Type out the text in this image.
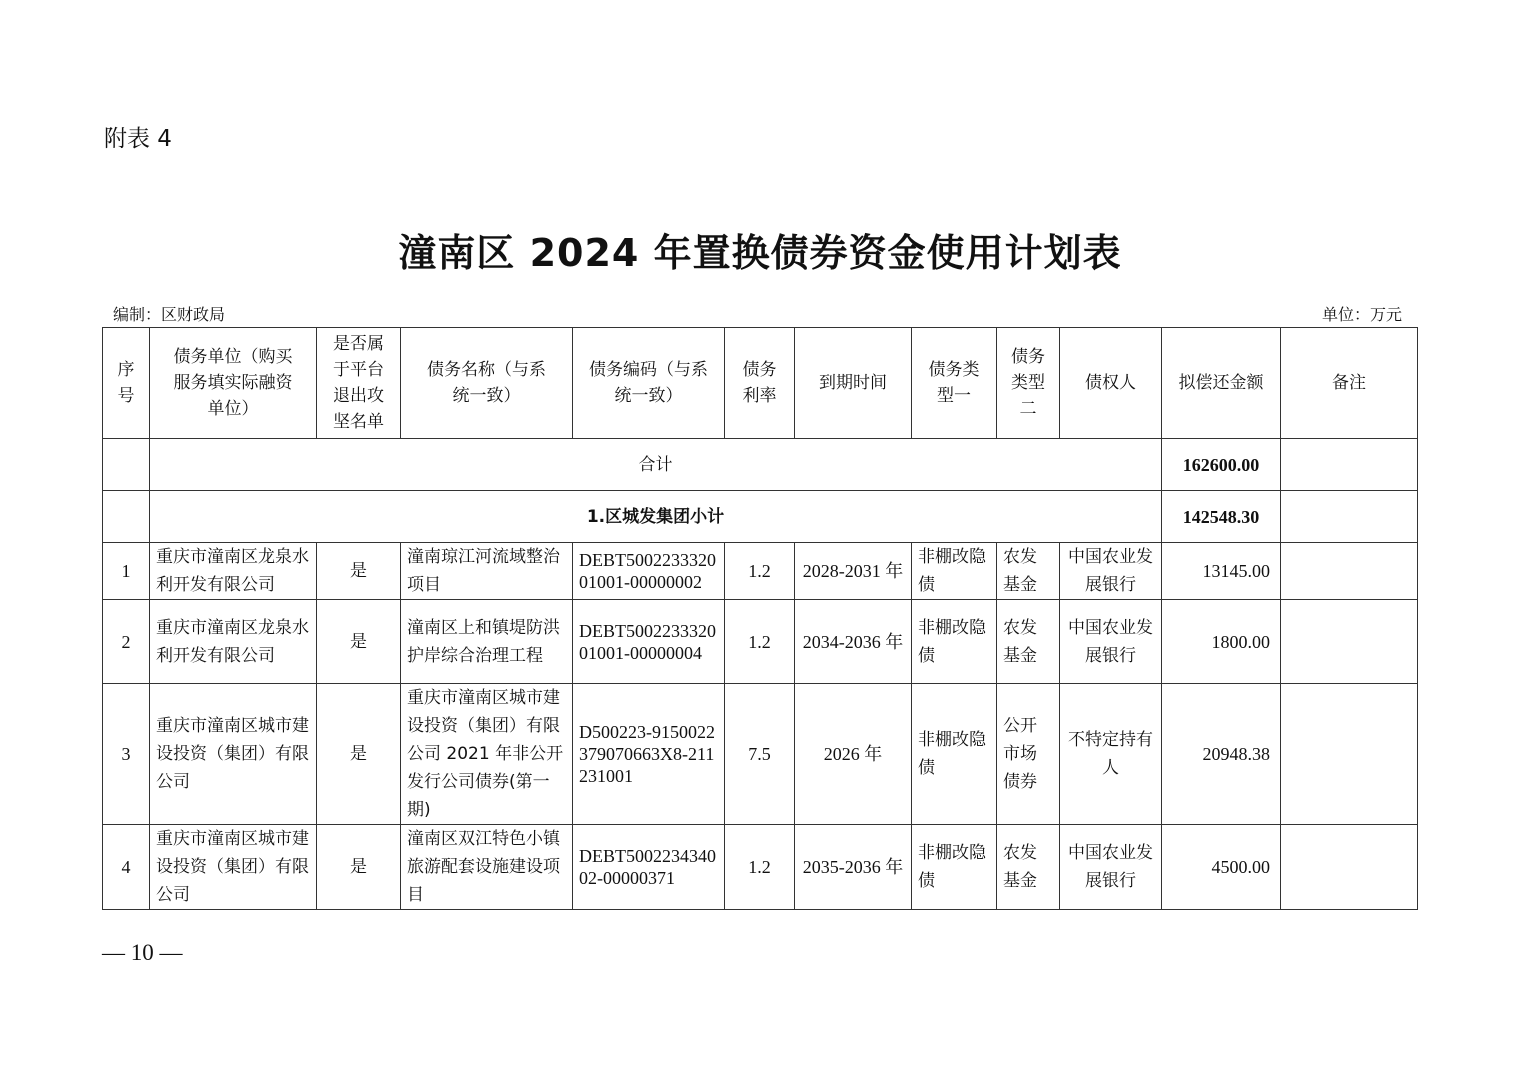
附表 4
潼南区 2024 年置换债券资金使用计划表
编制：区财政局	单位：万元
序号	债务单位（购买服务填实际融资单位）	是否属于平台退出攻坚名单	债务名称（与系统一致）	债务编码（与系统一致）	债务利率	到期时间	债务类型一	债务类型二	债权人	拟偿还金额	备注
	合计									162600.00	
	1.区城发集团小计									142548.30	
1	重庆市潼南区龙泉水利开发有限公司	是	潼南琼江河流域整治项目	DEBT500223332001001-00000002	1.2	2028-2031 年	非棚改隐债	农发基金	中国农业发展银行	13145.00	
2	重庆市潼南区龙泉水利开发有限公司	是	潼南区上和镇堤防洪护岸综合治理工程	DEBT500223332001001-00000004	1.2	2034-2036 年	非棚改隐债	农发基金	中国农业发展银行	1800.00	
3	重庆市潼南区城市建设投资（集团）有限公司	是	重庆市潼南区城市建设投资（集团）有限公司 2021 年非公开发行公司债券(第一期)	D500223-9150022379070663X8-211231001	7.5	2026 年	非棚改隐债	公开市场债券	不特定持有人	20948.38	
4	重庆市潼南区城市建设投资（集团）有限公司	是	潼南区双江特色小镇旅游配套设施建设项目	DEBT500223434002-00000371	1.2	2035-2036 年	非棚改隐债	农发基金	中国农业发展银行	4500.00	
— 10 —
